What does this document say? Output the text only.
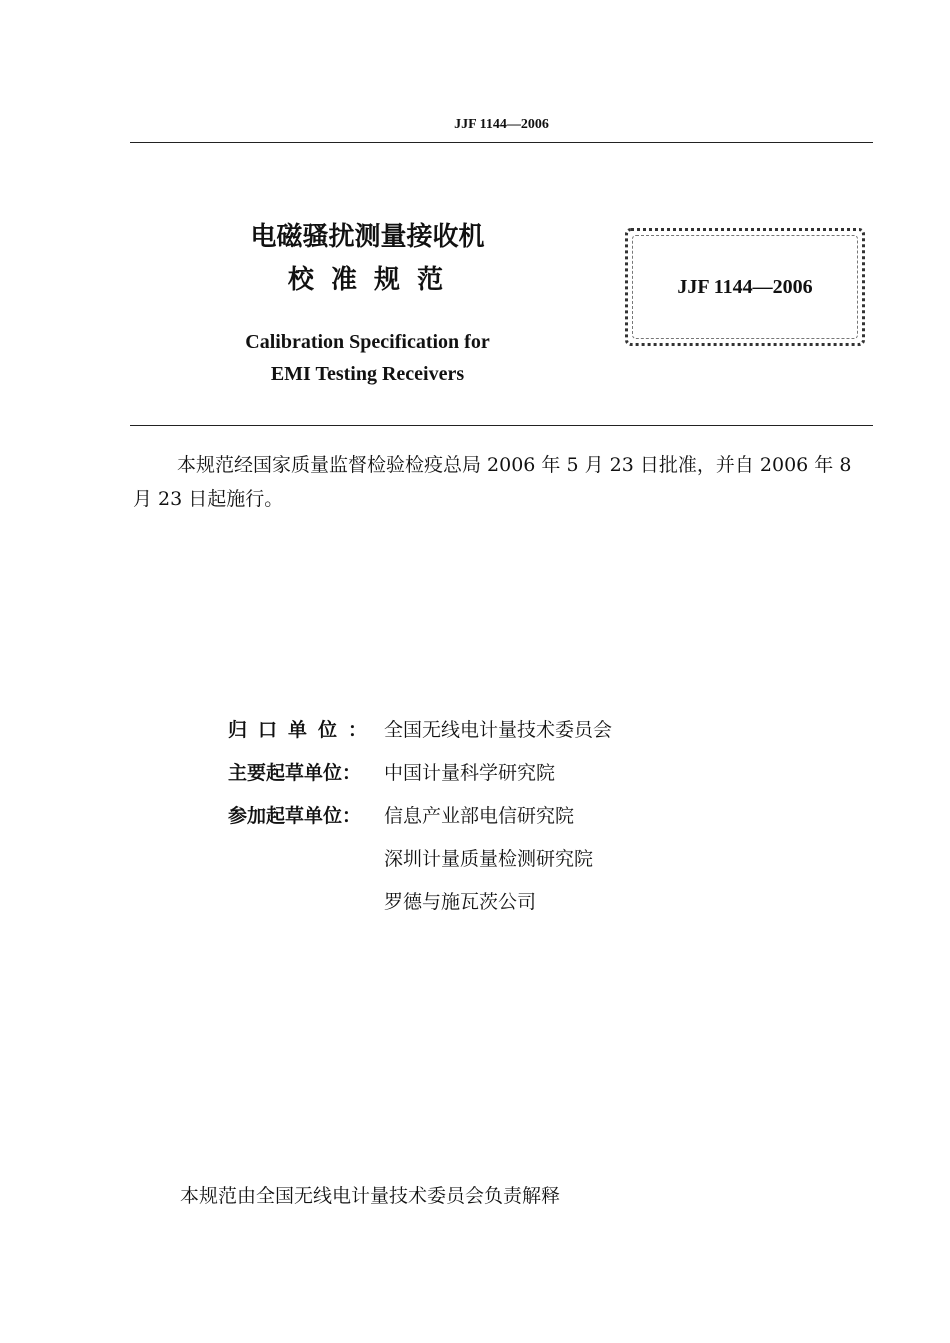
JJF 1144—2006
电磁骚扰测量接收机
校 准 规 范
Calibration Specification for
EMI Testing Receivers
JJF 1144—2006
本规范经国家质量监督检验检疫总局 2006 年 5 月 23 日批准，并自 2006 年 8 月 23 日起施行。
归口单位： 全国无线电计量技术委员会
主要起草单位： 中国计量科学研究院
参加起草单位： 信息产业部电信研究院
深圳计量质量检测研究院
罗德与施瓦茨公司
本规范由全国无线电计量技术委员会负责解释
